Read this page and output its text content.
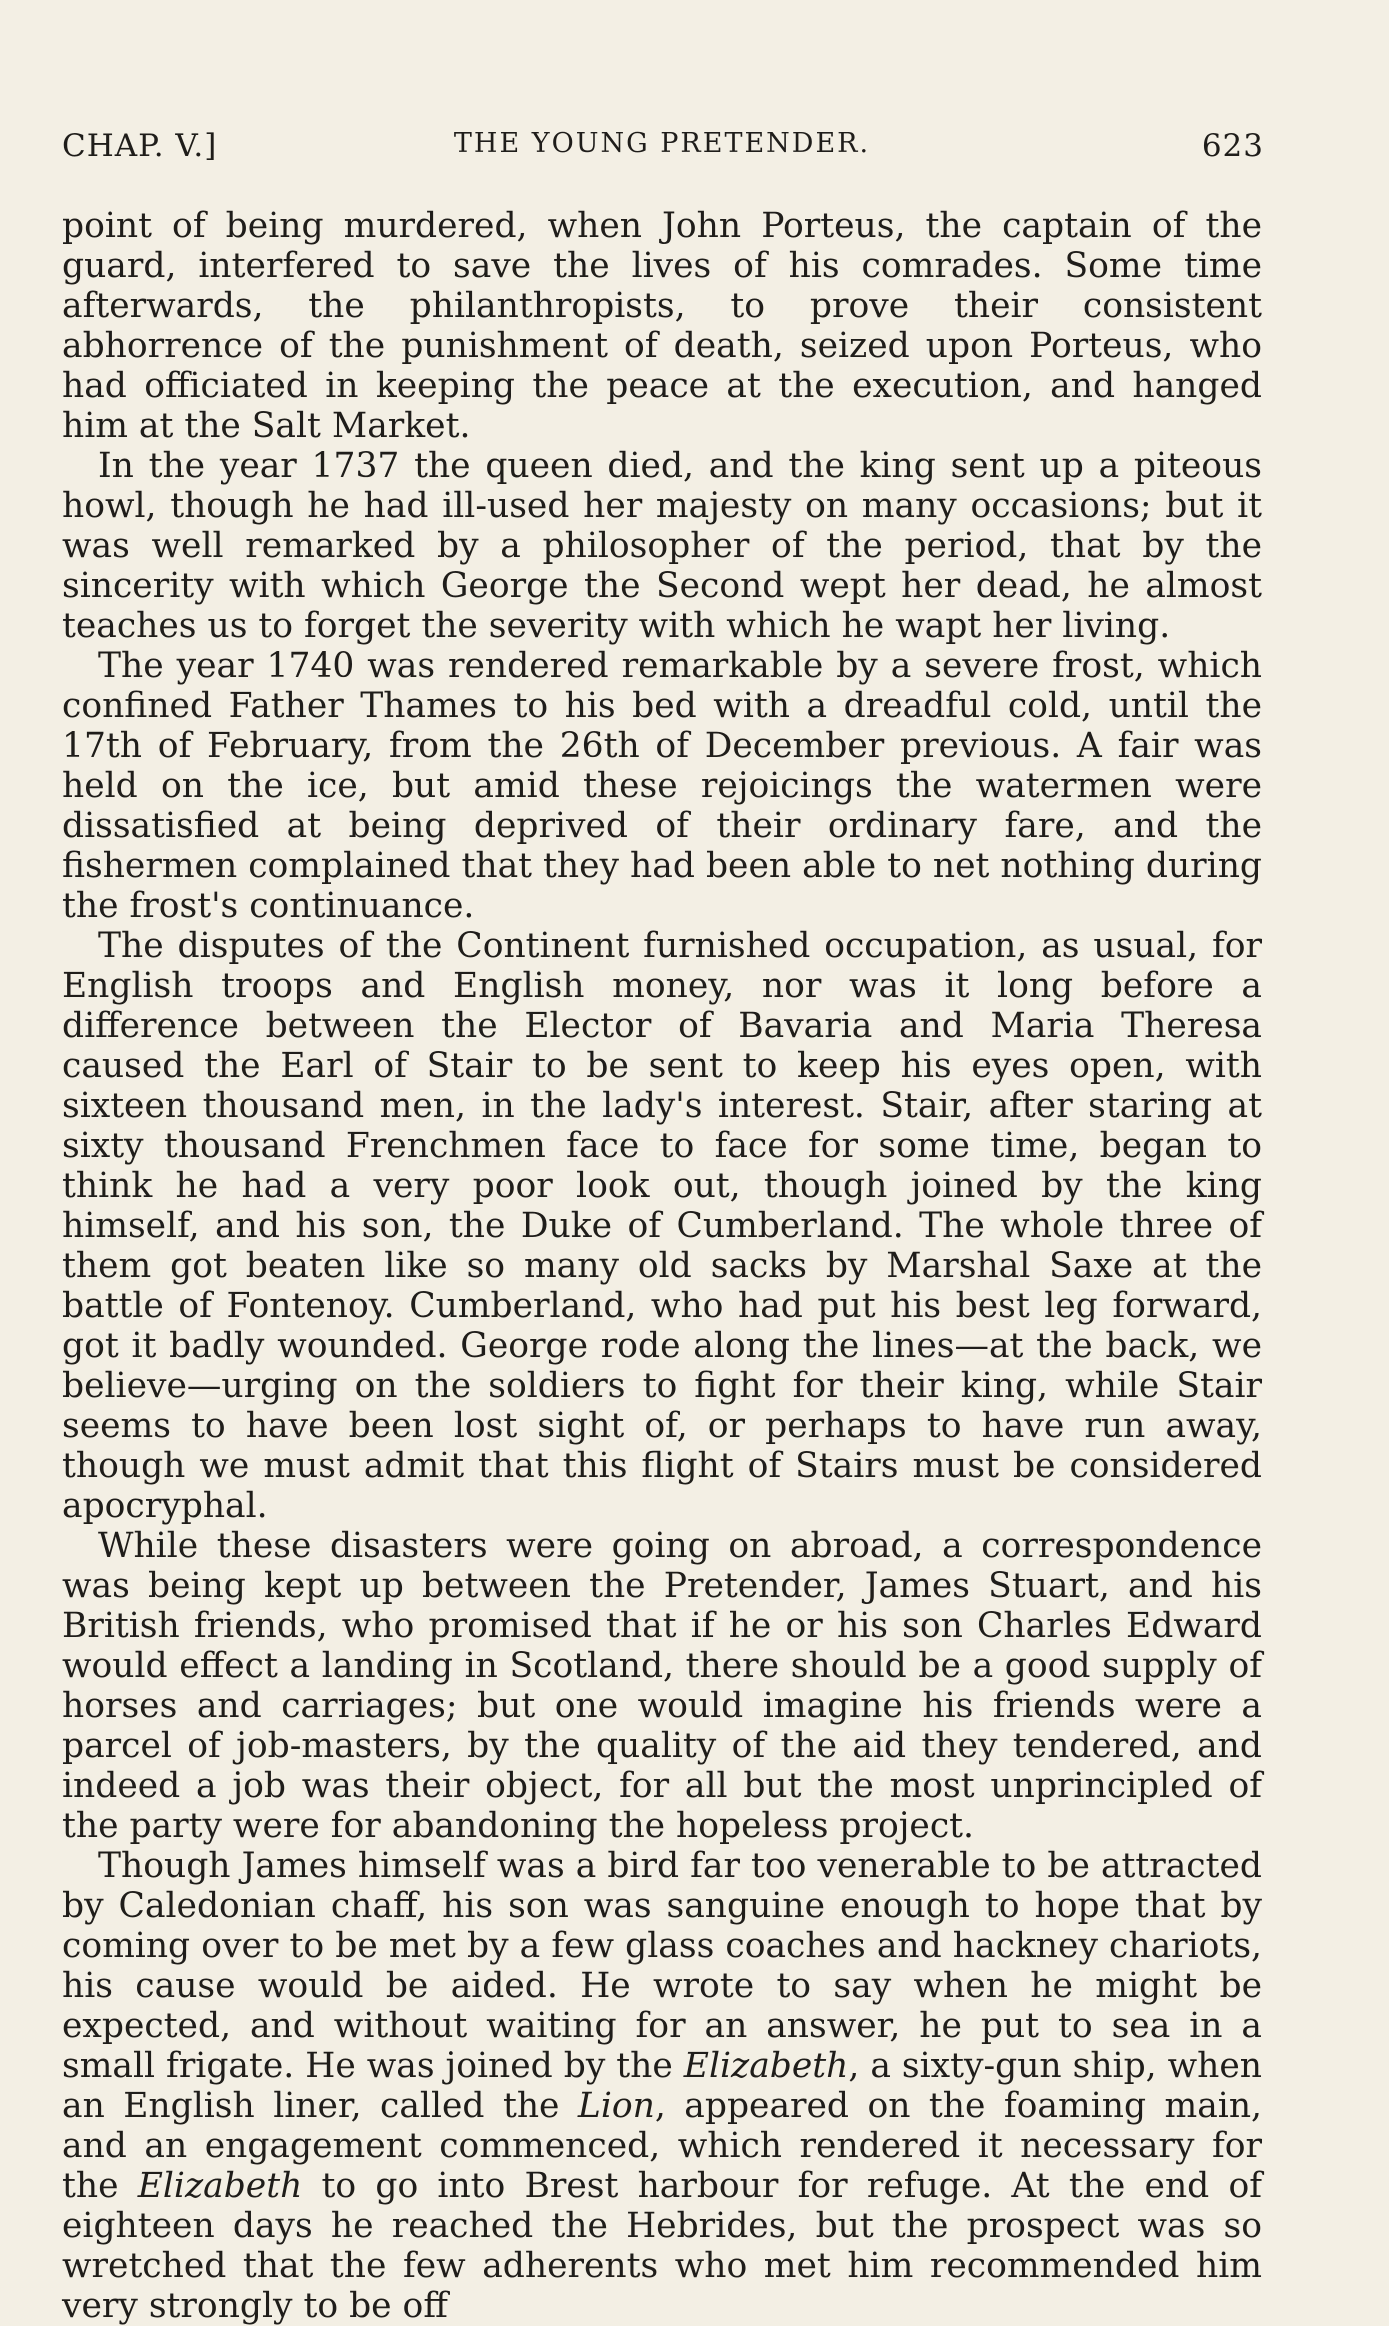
CHAP. V.]	THE YOUNG PRETENDER.	623

point of being murdered, when John Porteus, the captain of the guard, interfered to save the lives of his comrades. Some time afterwards, the philanthropists, to prove their consistent abhorrence of the punishment of death, seized upon Porteus, who had officiated in keeping the peace at the execution, and hanged him at the Salt Market.

In the year 1737 the queen died, and the king sent up a piteous howl, though he had ill-used her majesty on many occasions; but it was well remarked by a philosopher of the period, that by the sincerity with which George the Second wept her dead, he almost teaches us to forget the severity with which he wapt her living.

The year 1740 was rendered remarkable by a severe frost, which confined Father Thames to his bed with a dreadful cold, until the 17th of February, from the 26th of December previous. A fair was held on the ice, but amid these rejoicings the watermen were dissatisfied at being deprived of their ordinary fare, and the fishermen complained that they had been able to net nothing during the frost's continuance.

The disputes of the Continent furnished occupation, as usual, for English troops and English money, nor was it long before a difference between the Elector of Bavaria and Maria Theresa caused the Earl of Stair to be sent to keep his eyes open, with sixteen thousand men, in the lady's interest. Stair, after staring at sixty thousand Frenchmen face to face for some time, began to think he had a very poor look out, though joined by the king himself, and his son, the Duke of Cumberland. The whole three of them got beaten like so many old sacks by Marshal Saxe at the battle of Fontenoy. Cumberland, who had put his best leg forward, got it badly wounded. George rode along the lines—at the back, we believe—urging on the soldiers to fight for their king, while Stair seems to have been lost sight of, or perhaps to have run away, though we must admit that this flight of Stairs must be considered apocryphal.

While these disasters were going on abroad, a correspondence was being kept up between the Pretender, James Stuart, and his British friends, who promised that if he or his son Charles Edward would effect a landing in Scotland, there should be a good supply of horses and carriages; but one would imagine his friends were a parcel of job-masters, by the quality of the aid they tendered, and indeed a job was their object, for all but the most unprincipled of the party were for abandoning the hopeless project.

Though James himself was a bird far too venerable to be attracted by Caledonian chaff, his son was sanguine enough to hope that by coming over to be met by a few glass coaches and hackney chariots, his cause would be aided. He wrote to say when he might be expected, and without waiting for an answer, he put to sea in a small frigate. He was joined by the Elizabeth, a sixty-gun ship, when an English liner, called the Lion, appeared on the foaming main, and an engagement commenced, which rendered it necessary for the Elizabeth to go into Brest harbour for refuge. At the end of eighteen days he reached the Hebrides, but the prospect was so wretched that the few adherents who met him recommended him very strongly to be off
